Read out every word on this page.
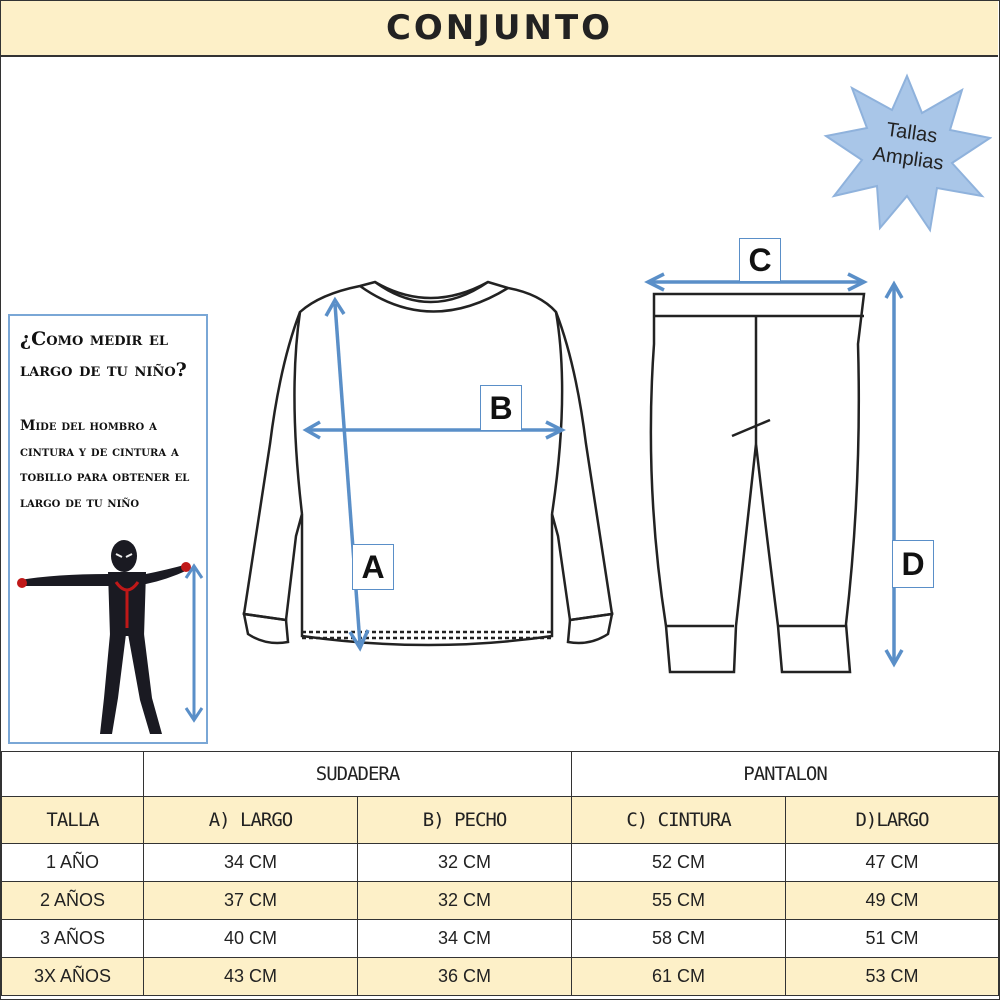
CONJUNTO
Tallas
Amplias
¿Como medir el largo de tu niño?
Mide del hombro a cintura y de cintura a tobillo para obtener el largo de tu niño
B
A
C
D
	SUDADERA		PANTALON	
TALLA	A) LARGO	B) PECHO	C) CINTURA	D)LARGO
1 AÑO	34 CM	32 CM	52 CM	47 CM
2 AÑOS	37 CM	32 CM	55 CM	49 CM
3 AÑOS	40 CM	34 CM	58 CM	51 CM
3X AÑOS	43 CM	36 CM	61 CM	53 CM
